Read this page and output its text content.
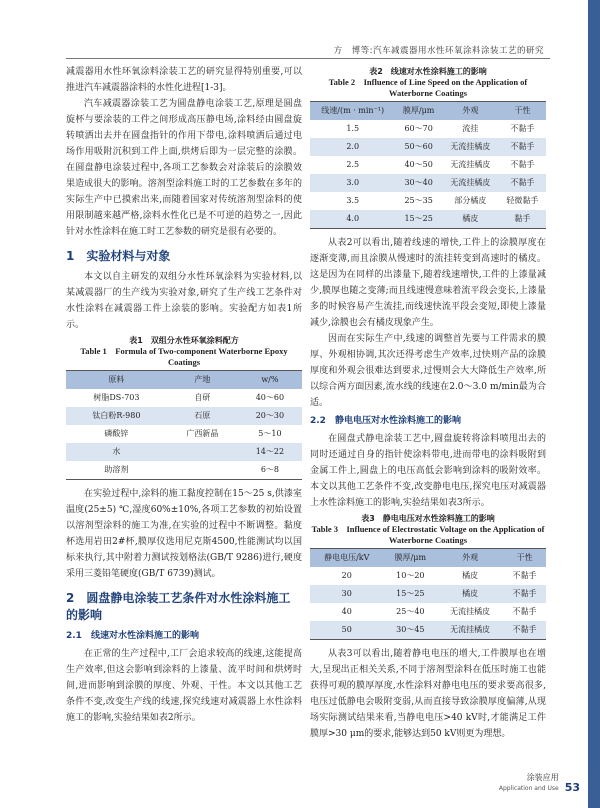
方　博等:汽车减震器用水性环氧涂料涂装工艺的研究

减震器用水性环氧涂料涂装工艺的研究显得特别重要,可以推进汽车减震器涂料的水性化进程[1-3]。

汽车减震器涂装工艺为圆盘静电涂装工艺,原理是圆盘旋杯与要涂装的工件之间形成高压静电场,涂料经由圆盘旋转喷洒出去并在圆盘指针的作用下带电,涂料喷洒后通过电场作用吸附沉积到工件上面,烘烤后即为一层完整的涂膜。在圆盘静电涂装过程中,各项工艺参数会对涂装后的涂膜效果造成很大的影响。溶剂型涂料施工时的工艺参数在多年的实际生产中已摸索出来,而随着国家对传统溶剂型涂料的使用限制越来越严格,涂料水性化已是不可逆的趋势之一,因此针对水性涂料在施工时工艺参数的研究是很有必要的。

1　实验材料与对象

本文以自主研发的双组分水性环氧涂料为实验材料,以某减震器厂的生产线为实验对象,研究了生产线工艺条件对水性涂料在减震器工件上涂装的影响。实验配方如表1所示。

表1　双组分水性环氧涂料配方
Table 1　Formula of Two-component Waterborne Epoxy Coatings
原料	产地	w/%
树脂DS-703	自研	40～60
钛白粉R-980	石原	20～30
磷酸锌	广西新晶	5～10
水		14～22
助溶剂		6～8

在实验过程中,涂料的施工黏度控制在15～25 s,供漆室温度(25±5) ℃,湿度60%±10%,各项工艺参数的初始设置以溶剂型涂料的施工为准,在实验的过程中不断调整。黏度杯选用岩田2#杯,膜厚仪选用尼克斯4500,性能测试均以国标来执行,其中附着力测试按划格法(GB/T 9286)进行,硬度采用三菱铅笔硬度(GB/T 6739)测试。

2　圆盘静电涂装工艺条件对水性涂料施工的影响
2.1　线速对水性涂料施工的影响

在正常的生产过程中,工厂会追求较高的线速,这能提高生产效率,但这会影响到涂料的上漆量、流平时间和烘烤时间,进而影响到涂膜的厚度、外观、干性。本文以其他工艺条件不变,改变生产线的线速,探究线速对减震器上水性涂料施工的影响,实验结果如表2所示。

表2　线速对水性涂料施工的影响
Table 2　Influence of Line Speed on the Application of Waterborne Coatings
线速/(m · min⁻¹)	膜厚/μm	外观	干性
1.5	60～70	流挂	不黏手
2.0	50～60	无流挂橘皮	不黏手
2.5	40～50	无流挂橘皮	不黏手
3.0	30～40	无流挂橘皮	不黏手
3.5	25～35	部分橘皮	轻微黏手
4.0	15～25	橘皮	黏手

从表2可以看出,随着线速的增快,工件上的涂膜厚度在逐渐变薄,而且涂膜从慢速时的流挂转变到高速时的橘皮。这是因为在同样的出漆量下,随着线速增快,工件的上漆量减少,膜厚也随之变薄;而且线速慢意味着流平段会变长,上漆量多的时候容易产生流挂,而线速快流平段会变短,即使上漆量减少,涂膜也会有橘皮现象产生。

因而在实际生产中,线速的调整首先要与工件需求的膜厚、外观相协调,其次还得考虑生产效率,过快则产品的涂膜厚度和外观会很难达到要求,过慢则会大大降低生产效率,所以综合两方面因素,流水线的线速在2.0～3.0 m/min最为合适。

2.2　静电电压对水性涂料施工的影响

在圆盘式静电涂装工艺中,圆盘旋转将涂料喷甩出去的同时还通过自身的指针使涂料带电,进而带电的涂料吸附到金属工件上,圆盘上的电压高低会影响到涂料的吸附效率。本文以其他工艺条件不变,改变静电电压,探究电压对减震器上水性涂料施工的影响,实验结果如表3所示。

表3　静电电压对水性涂料施工的影响
Table 3　Influence of Electrostatic Voltage on the Application of Waterborne Coatings
静电电压/kV	膜厚/μm	外观	干性
20	10～20	橘皮	不黏手
30	15～25	橘皮	不黏手
40	25～40	无流挂橘皮	不黏手
50	30～45	无流挂橘皮	不黏手

从表3可以看出,随着静电电压的增大,工件膜厚也在增大,呈现出正相关关系,不同于溶剂型涂料在低压时施工也能获得可观的膜厚厚度,水性涂料对静电电压的要求要高很多,电压过低静电会吸附变弱,从而直接导致涂膜厚度偏薄,从现场实际测试结果来看,当静电电压>40 kV时,才能满足工件膜厚>30 μm的要求,能够达到50 kV则更为理想。

涂装应用
Application and Use 53
